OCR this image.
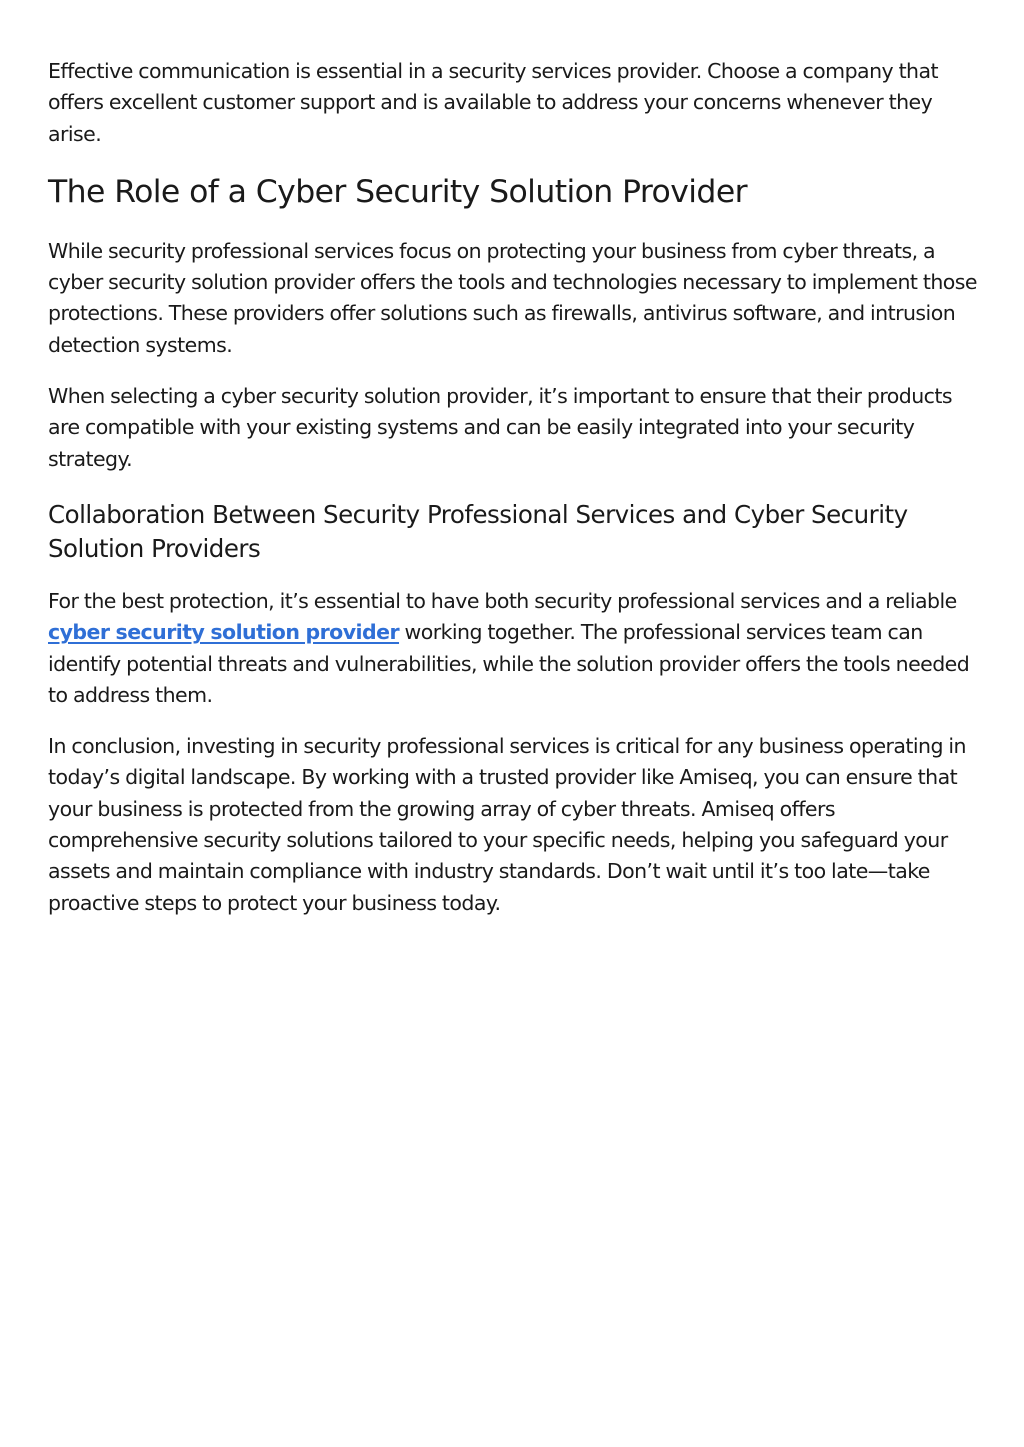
Effective communication is essential in a security services provider. Choose a company that offers excellent customer support and is available to address your concerns whenever they arise.

The Role of a Cyber Security Solution Provider

While security professional services focus on protecting your business from cyber threats, a cyber security solution provider offers the tools and technologies necessary to implement those protections. These providers offer solutions such as firewalls, antivirus software, and intrusion detection systems.

When selecting a cyber security solution provider, it’s important to ensure that their products are compatible with your existing systems and can be easily integrated into your security strategy.

Collaboration Between Security Professional Services and Cyber Security Solution Providers

For the best protection, it’s essential to have both security professional services and a reliable cyber security solution provider working together. The professional services team can identify potential threats and vulnerabilities, while the solution provider offers the tools needed to address them.

In conclusion, investing in security professional services is critical for any business operating in today’s digital landscape. By working with a trusted provider like Amiseq, you can ensure that your business is protected from the growing array of cyber threats. Amiseq offers comprehensive security solutions tailored to your specific needs, helping you safeguard your assets and maintain compliance with industry standards. Don’t wait until it’s too late—take proactive steps to protect your business today.
